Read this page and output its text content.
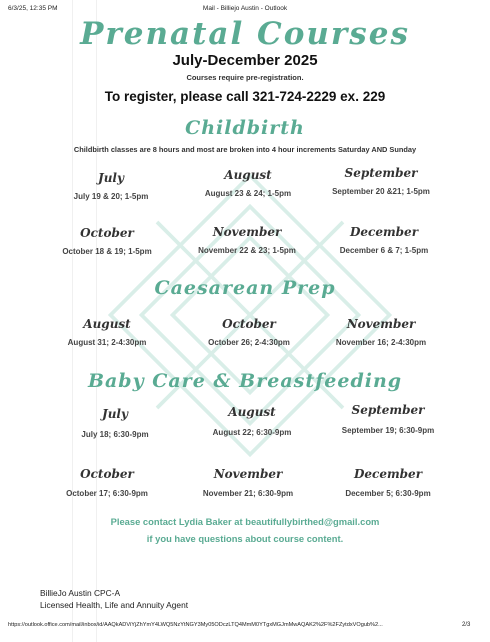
6/3/25, 12:35 PM	Mail - Billiejo Austin - Outlook
Prenatal Courses
July-December 2025
Courses require pre-registration.
To register, please call 321-724-2229 ex. 229
Childbirth
Childbirth classes are 8 hours and most are broken into 4 hour increments Saturday AND Sunday
July
July 19 & 20; 1-5pm
August
August 23 & 24; 1-5pm
September
September 20 &21; 1-5pm
October
October 18 & 19; 1-5pm
November
November 22 & 23; 1-5pm
December
December 6 & 7; 1-5pm
Caesarean Prep
August
August 31; 2-4:30pm
October
October 26; 2-4:30pm
November
November 16; 2-4:30pm
Baby Care & Breastfeeding
July
July 18; 6:30-9pm
August
August 22; 6:30-9pm
September
September 19; 6:30-9pm
October
October 17; 6:30-9pm
November
November 21; 6:30-9pm
December
December 5; 6:30-9pm
Please contact Lydia Baker at beautifullybirthed@gmail.com
if you have questions about course content.
BillieJo Austin CPC-A
Licensed Health, Life and Annuity Agent
https://outlook.office.com/mail/inbox/id/AAQkADViYjZhYmY4LWQ5NzYtNGY3My05ODczLTQ4MmM0YTgxMGJmMwAQAK2%2F%2FZytdxVOgub%2...	2/3
